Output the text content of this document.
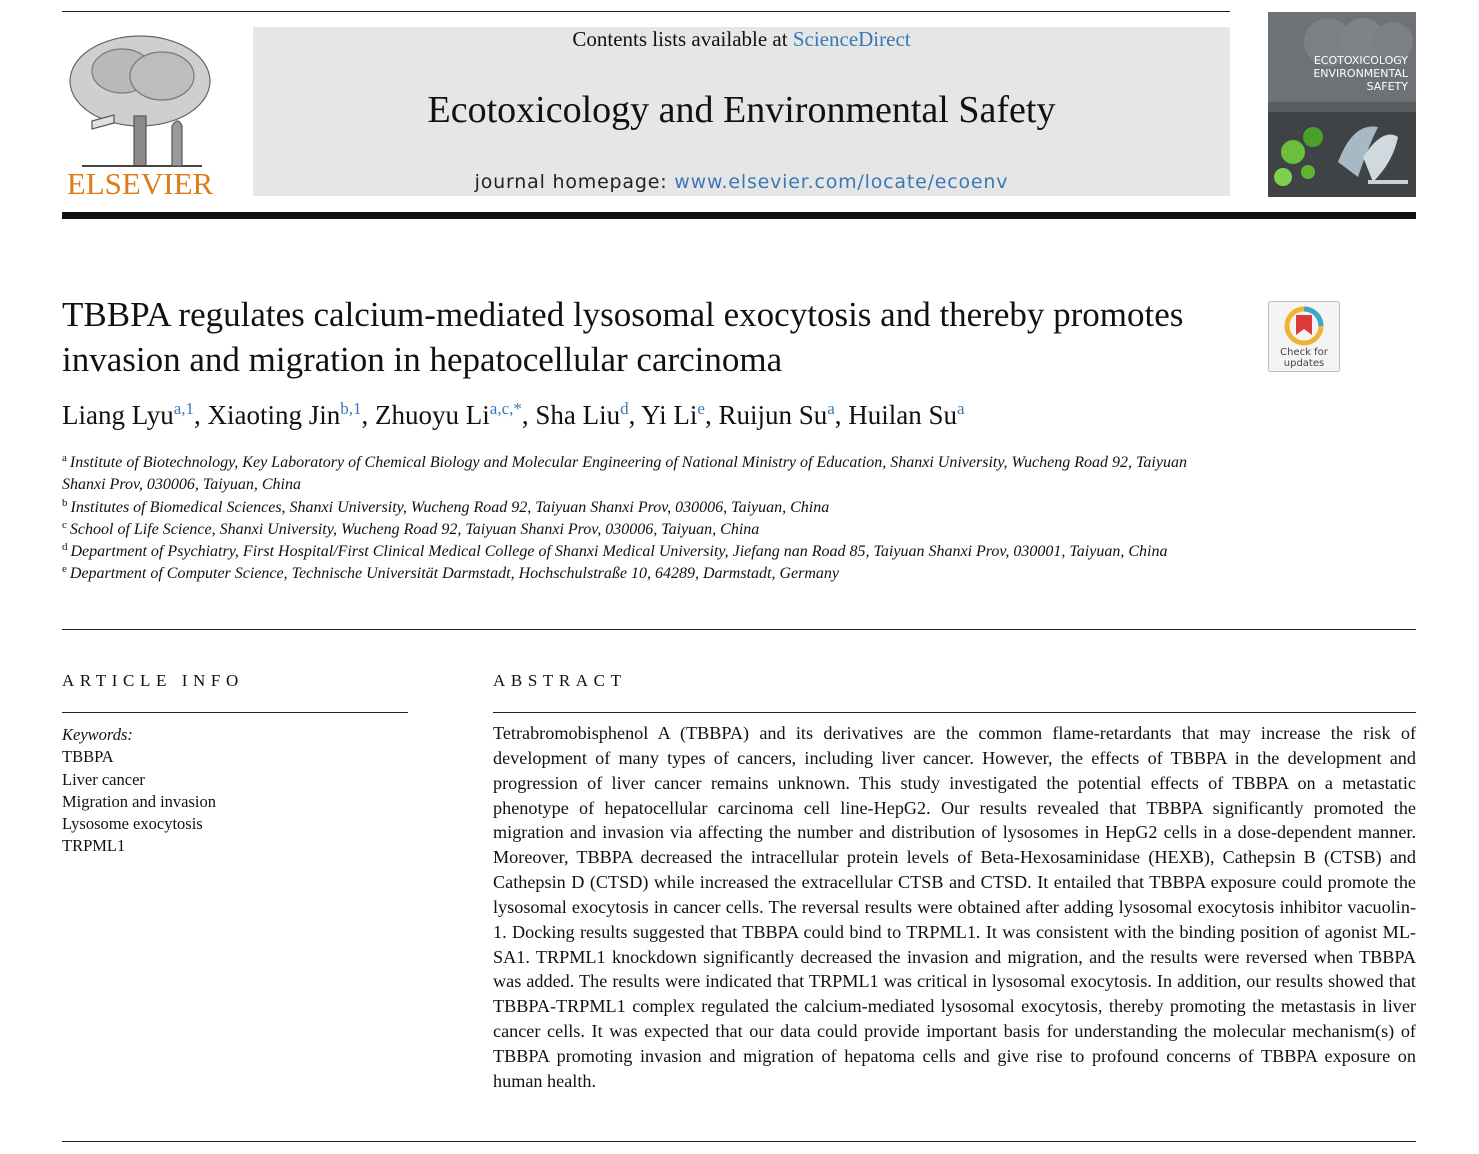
ELSEVIER
Contents lists available at ScienceDirect
Ecotoxicology and Environmental Safety
journal homepage: www.elsevier.com/locate/ecoenv
ECOTOXICOLOGY
ENVIRONMENTAL
SAFETY
TBBPA regulates calcium-mediated lysosomal exocytosis and thereby promotes invasion and migration in hepatocellular carcinoma	Check for
updates
Liang Lyu$^{a,1}$, Xiaoting Jin$^{b,1}$, Zhuoyu $Li^{a,c,*}$, Sha Liu$^d$, Yi Li$^e$, Ruijun Su$^a$, Huilan Su$^a$
$^a$ Institute of Biotechnology, Key Laboratory of Chemical Biology and Molecular Engineering of National Ministry of Education, Shanxi University, Wucheng Road 92, Taiyuan Shanxi Prov, 030006, Taiyuan, China
$^b$ Institutes of Biomedical Sciences, Shanxi University, Wucheng Road 92, Taiyuan Shanxi Prov, 030006, Taiyuan, China
$^c$ School of Life Science, Shanxi University, Wucheng Road 92, Taiyuan Shanxi Prov, 030006, Taiyuan, China
$^d$ Department of Psychiatry, First Hospital/First Clinical Medical College of Shanxi Medical University, Jiefang nan Road 85, Taiyuan Shanxi Prov, 030001, Taiyuan, China
$^e$ Department of Computer Science, Technische Universität Darmstadt, Hochschulstraße 10, 64289, Darmstadt, Germany
ARTICLE INFO
Keywords:
TBBPA
Liver cancer
Migration and invasion
Lysosome exocytosis
TRPML1
ABSTRACT
Tetrabromobisphenol A (TBBPA) and its derivatives are the common flame-retardants that may increase the risk of development of many types of cancers, including liver cancer. However, the effects of TBBPA in the development and progression of liver cancer remains unknown. This study investigated the potential effects of TBBPA on a metastatic phenotype of hepatocellular carcinoma cell line-HepG2. Our results revealed that TBBPA significantly promoted the migration and invasion via affecting the number and distribution of lysosomes in HepG2 cells in a dose-dependent manner. Moreover, TBBPA decreased the intracellular protein levels of Beta-Hexosaminidase (HEXB), Cathepsin B (CTSB) and Cathepsin D (CTSD) while increased the extracellular CTSB and CTSD. It entailed that TBBPA exposure could promote the lysosomal exocytosis in cancer cells. The reversal results were obtained after adding lysosomal exocytosis inhibitor vacuolin-1. Docking results suggested that TBBPA could bind to TRPML1. It was consistent with the binding position of agonist ML-SA1. TRPML1 knockdown significantly decreased the invasion and migration, and the results were reversed when TBBPA was added. The results were indicated that TRPML1 was critical in lysosomal exocytosis. In addition, our results showed that TBBPA-TRPML1 complex regulated the calcium-mediated lysosomal exocytosis, thereby promoting the metastasis in liver cancer cells. It was expected that our data could provide important basis for understanding the molecular mechanism(s) of TBBPA promoting invasion and migration of hepatoma cells and give rise to profound concerns of TBBPA exposure on human health.
